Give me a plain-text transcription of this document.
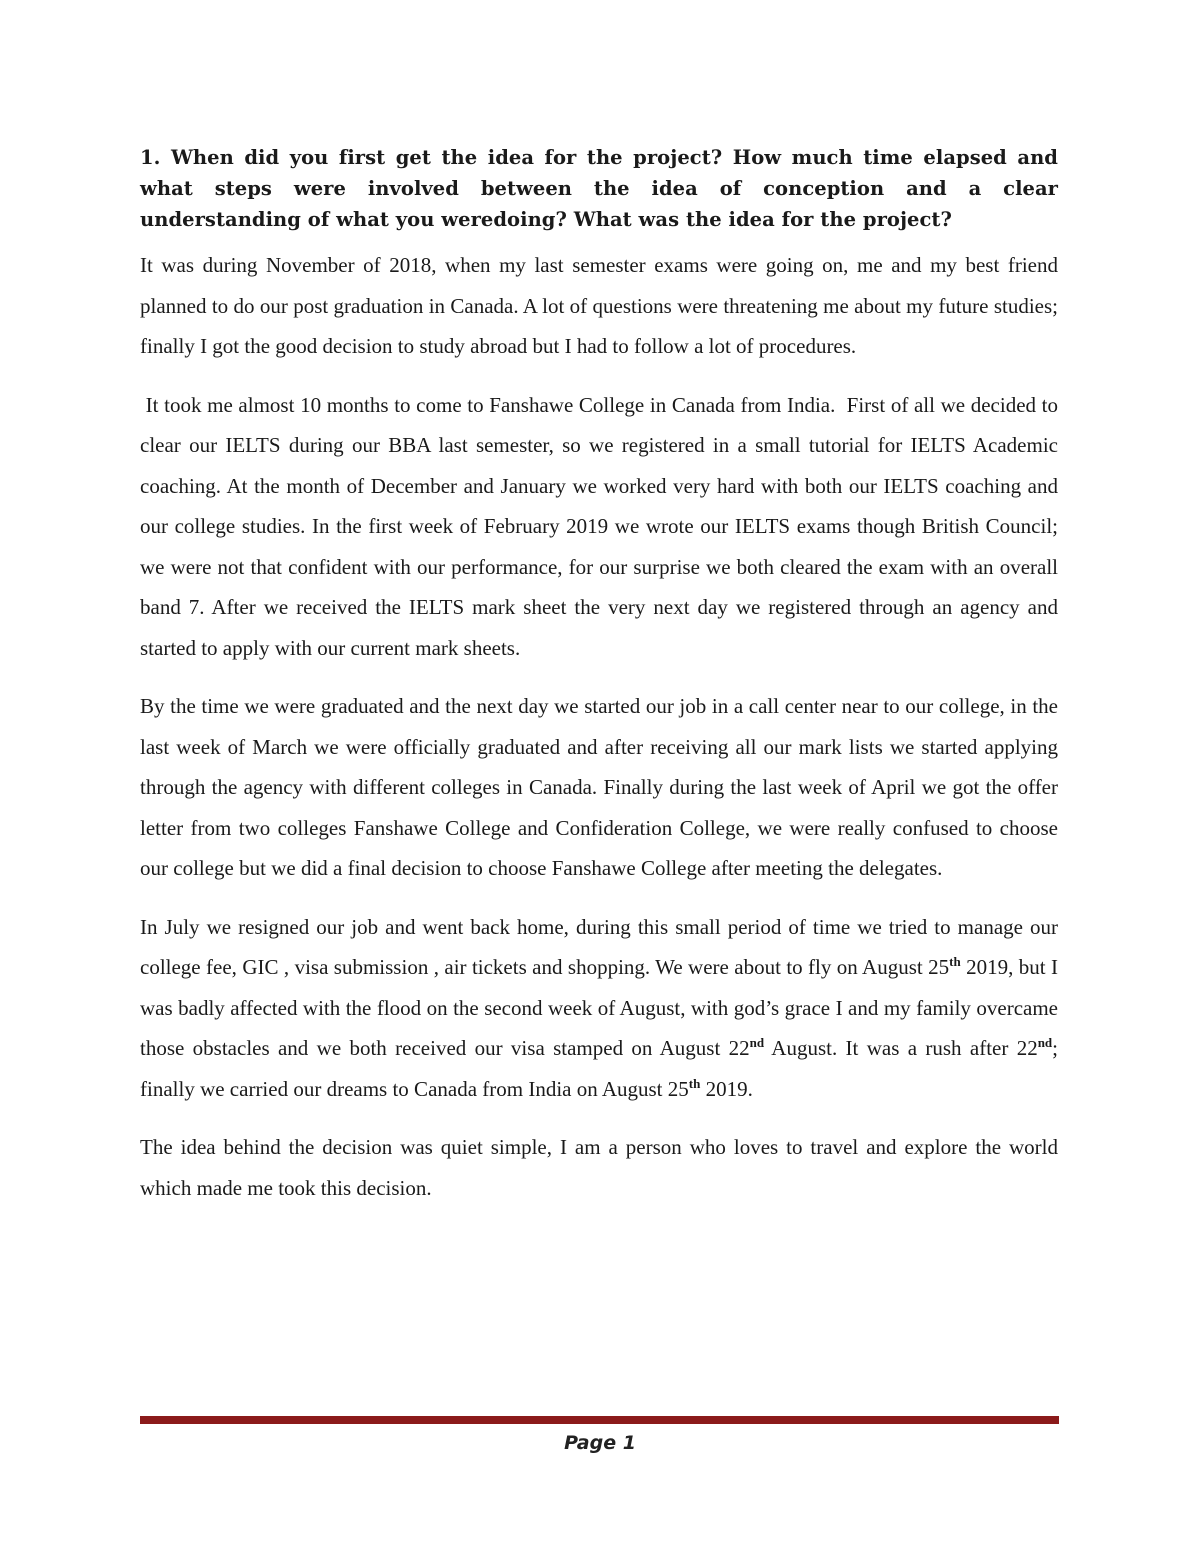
1. When did you first get the idea for the project? How much time elapsed and what steps were involved between the idea of conception and a clear understanding of what you weredoing? What was the idea for the project?

It was during November of 2018, when my last semester exams were going on, me and my best friend planned to do our post graduation in Canada. A lot of questions were threatening me about my future studies; finally I got the good decision to study abroad but I had to follow a lot of procedures.

It took me almost 10 months to come to Fanshawe College in Canada from India.  First of all we decided to clear our IELTS during our BBA last semester, so we registered in a small tutorial for IELTS Academic coaching. At the month of December and January we worked very hard with both our IELTS coaching and our college studies. In the first week of February 2019 we wrote our IELTS exams though British Council; we were not that confident with our performance, for our surprise we both cleared the exam with an overall band 7. After we received the IELTS mark sheet the very next day we registered through an agency and started to apply with our current mark sheets.

By the time we were graduated and the next day we started our job in a call center near to our college, in the last week of March we were officially graduated and after receiving all our mark lists we started applying through the agency with different colleges in Canada. Finally during the last week of April we got the offer letter from two colleges Fanshawe College and Confideration College, we were really confused to choose our college but we did a final decision to choose Fanshawe College after meeting the delegates.

In July we resigned our job and went back home, during this small period of time we tried to manage our college fee, GIC , visa submission , air tickets and shopping. We were about to fly on August 25th 2019, but I was badly affected with the flood on the second week of August, with god’s grace I and my family overcame those obstacles and we both received our visa stamped on August 22nd August. It was a rush after 22nd; finally we carried our dreams to Canada from India on August 25th 2019.

The idea behind the decision was quiet simple, I am a person who loves to travel and explore the world which made me took this decision.

Page 1
